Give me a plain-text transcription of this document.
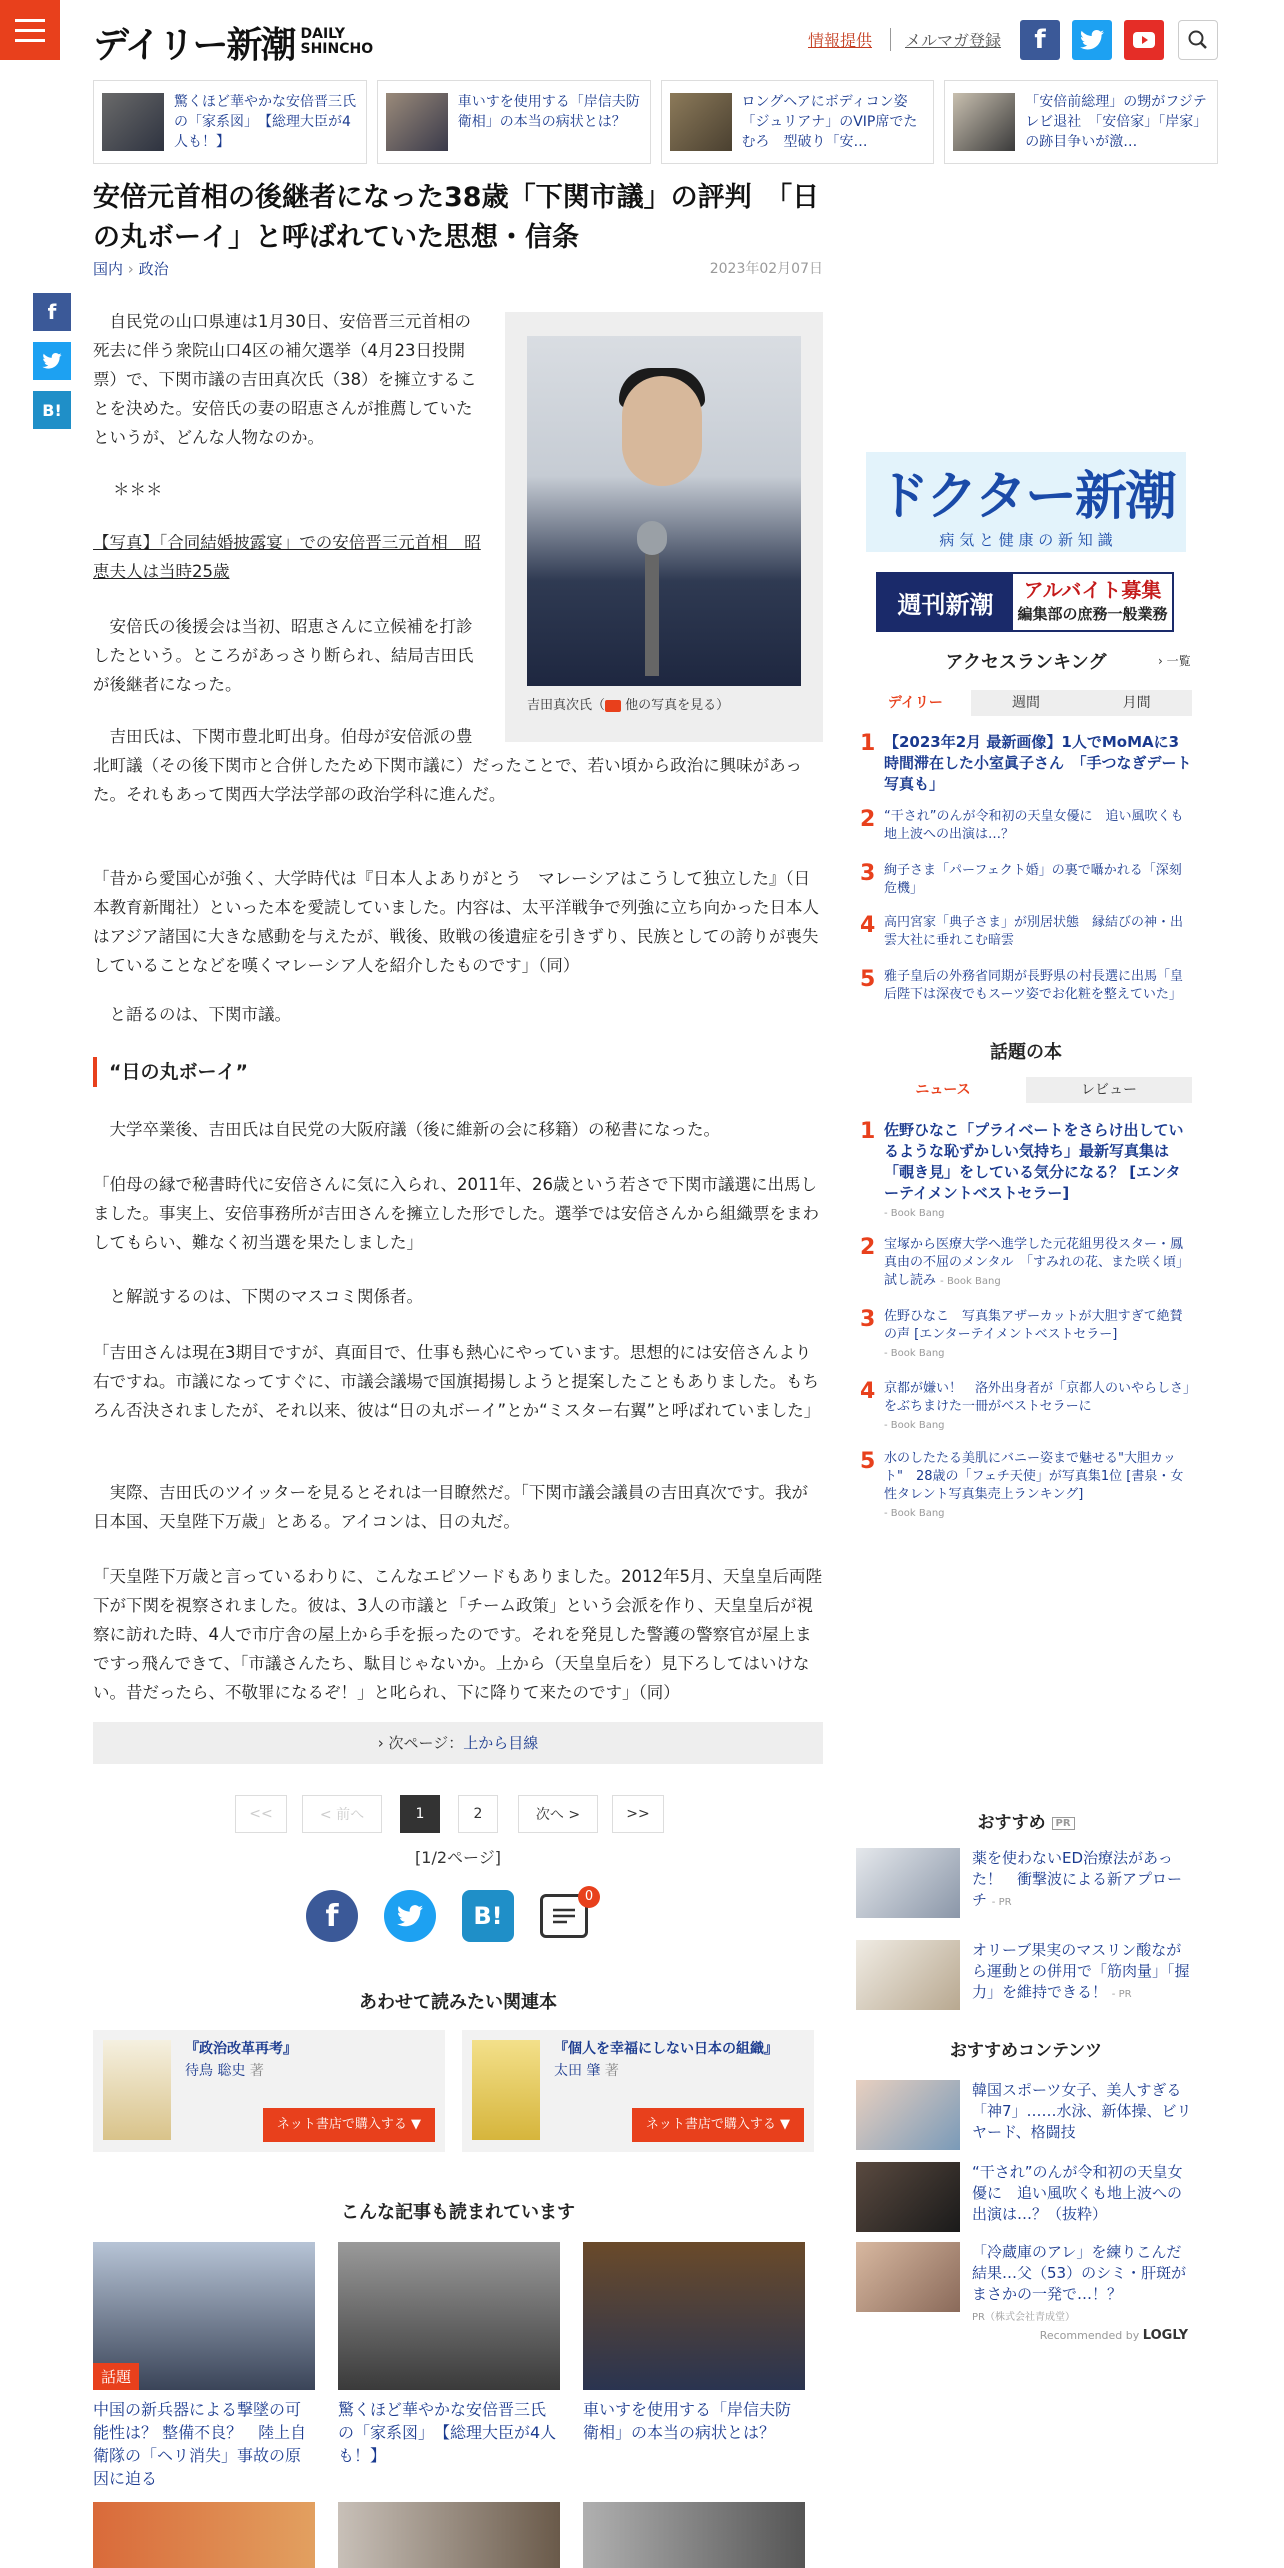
デイリー新潮 DAILY
SHINCHO	情報提供	メルマガ登録	f
驚くほど華やかな安倍晋三氏の「家系図」　【総理大臣が4人も！】
車いすを使用する「岸信夫防衛相」の本当の病状とは？
ロングヘアにボディコン姿「ジュリアナ」のVIP席でたむろ　型破り「安…
「安倍前総理」の甥がフジテレビ退社　「安倍家」「岸家」の跡目争いが激…
安倍元首相の後継者になった38歳「下関市議」の評判　「日の丸ボーイ」と呼ばれていた思想・信条
国内 › 政治	2023年02月07日
f
B!
吉田真次氏（ 他の写真を見る）

自民党の山口県連は1月30日、安倍晋三元首相の死去に伴う衆院山口4区の補欠選挙（4月23日投開票）で、下関市議の吉田真次氏（38）を擁立することを決めた。安倍氏の妻の昭恵さんが推薦していたというが、どんな人物なのか。

＊＊＊

【写真】「合同結婚披露宴」での安倍晋三元首相　昭恵夫人は当時25歳

安倍氏の後援会は当初、昭恵さんに立候補を打診したという。ところがあっさり断られ、結局吉田氏が後継者になった。

吉田氏は、下関市豊北町出身。伯母が安倍派の豊北町議（その後下関市と合併したため下関市議に）だったことで、若い頃から政治に興味があった。それもあって関西大学法学部の政治学科に進んだ。

「昔から愛国心が強く、大学時代は『日本人よありがとう　マレーシアはこうして独立した』（日本教育新聞社）といった本を愛読していました。内容は、太平洋戦争で列強に立ち向かった日本人はアジア諸国に大きな感動を与えたが、戦後、敗戦の後遺症を引きずり、民族としての誇りが喪失していることなどを嘆くマレーシア人を紹介したものです」（同）

と語るのは、下関市議。

“日の丸ボーイ”

大学卒業後、吉田氏は自民党の大阪府議（後に維新の会に移籍）の秘書になった。

「伯母の縁で秘書時代に安倍さんに気に入られ、2011年、26歳という若さで下関市議選に出馬しました。事実上、安倍事務所が吉田さんを擁立した形でした。選挙では安倍さんから組織票をまわしてもらい、難なく初当選を果たしました」

と解説するのは、下関のマスコミ関係者。

「吉田さんは現在3期目ですが、真面目で、仕事も熱心にやっています。思想的には安倍さんより右ですね。市議になってすぐに、市議会議場で国旗掲揚しようと提案したこともありました。もちろん否決されましたが、それ以来、彼は“日の丸ボーイ”とか“ミスター右翼”と呼ばれていました」

実際、吉田氏のツイッターを見るとそれは一目瞭然だ。「下関市議会議員の吉田真次です。我が日本国、天皇陛下万歳」とある。アイコンは、日の丸だ。

「天皇陛下万歳と言っているわりに、こんなエピソードもありました。2012年5月、天皇皇后両陛下が下関を視察されました。彼は、3人の市議と「チーム政策」という会派を作り、天皇皇后が視察に訪れた時、4人で市庁舎の屋上から手を振ったのです。それを発見した警護の警察官が屋上まですっ飛んできて、「市議さんたち、駄目じゃないか。上から（天皇皇后を）見下ろしてはいけない。昔だったら、不敬罪になるぞ！」と叱られ、下に降りて来たのです」（同）

› 次ページ：上から目線
<<	< 前へ	1	2	次へ >	>>
[1/2ページ]
f	B!
0
あわせて読みたい関連本
『政治改革再考』
待鳥 聡史 著
ネット書店で購入する ▼
『個人を幸福にしない日本の組織』
太田 肇 著
ネット書店で購入する ▼
こんな記事も読まれています
話題
中国の新兵器による撃墜の可能性は？ 整備不良？　陸上自衛隊の「ヘリ消失」事故の原因に迫る
驚くほど華やかな安倍晋三氏の「家系図」　【総理大臣が4人も！】
車いすを使用する「岸信夫防衛相」の本当の病状とは？
ドクター新潮
病 気 と 健 康 の 新 知 識
週刊新潮	アルバイト募集
編集部の庶務一般業務
アクセスランキング	› 一覧
デイリー	週間	月間
1 【2023年2月 最新画像】1人でMoMAに3時間滞在した小室眞子さん　「手つなぎデート写真も」
2 “干され”のんが令和初の天皇女優に　追い風吹くも地上波への出演は…？
3 絢子さま「パーフェクト婚」の裏で囁かれる「深刻危機」
4 高円宮家「典子さま」が別居状態　縁結びの神・出雲大社に垂れこむ暗雲
5 雅子皇后の外務省同期が長野県の村長選に出馬「皇后陛下は深夜でもスーツ姿でお化粧を整えていた」
話題の本
ニュース	レビュー
1 佐野ひなこ「プライベートをさらけ出しているような恥ずかしい気持ち」最新写真集は「覗き見」をしている気分になる？ [エンターテイメントベストセラー]
- Book Bang
2 宝塚から医療大学へ進学した元花組男役スター・鳳真由の不屈のメンタル　「すみれの花、また咲く頃」試し読み - Book Bang
3 佐野ひなこ　写真集アザーカットが大胆すぎて絶賛の声 [エンターテイメントベストセラー]
- Book Bang
4 京都が嫌い！　洛外出身者が「京都人のいやらしさ」をぶちまけた一冊がベストセラーに
- Book Bang
5 水のしたたる美肌にバニー姿まで魅せる"大胆カット"　28歳の「フェチ天使」が写真集1位 [書泉・女性タレント写真集売上ランキング]
- Book Bang
おすすめ PR
薬を使わないED治療法があった！　衝撃波による新アプローチ - PR
オリーブ果実のマスリン酸ながら運動との併用で「筋肉量」「握力」を維持できる！ - PR
おすすめコンテンツ
韓国スポーツ女子、美人すぎる「神7」……水泳、新体操、ビリヤード、格闘技
“干され”のんが令和初の天皇女優に　追い風吹くも地上波への出演は…？（抜粋）
「冷蔵庫のアレ」を練りこんだ結果…父（53）のシミ・肝斑がまさかの一発で…！？
PR（株式会社青成堂）
Recommended by LOGLY
